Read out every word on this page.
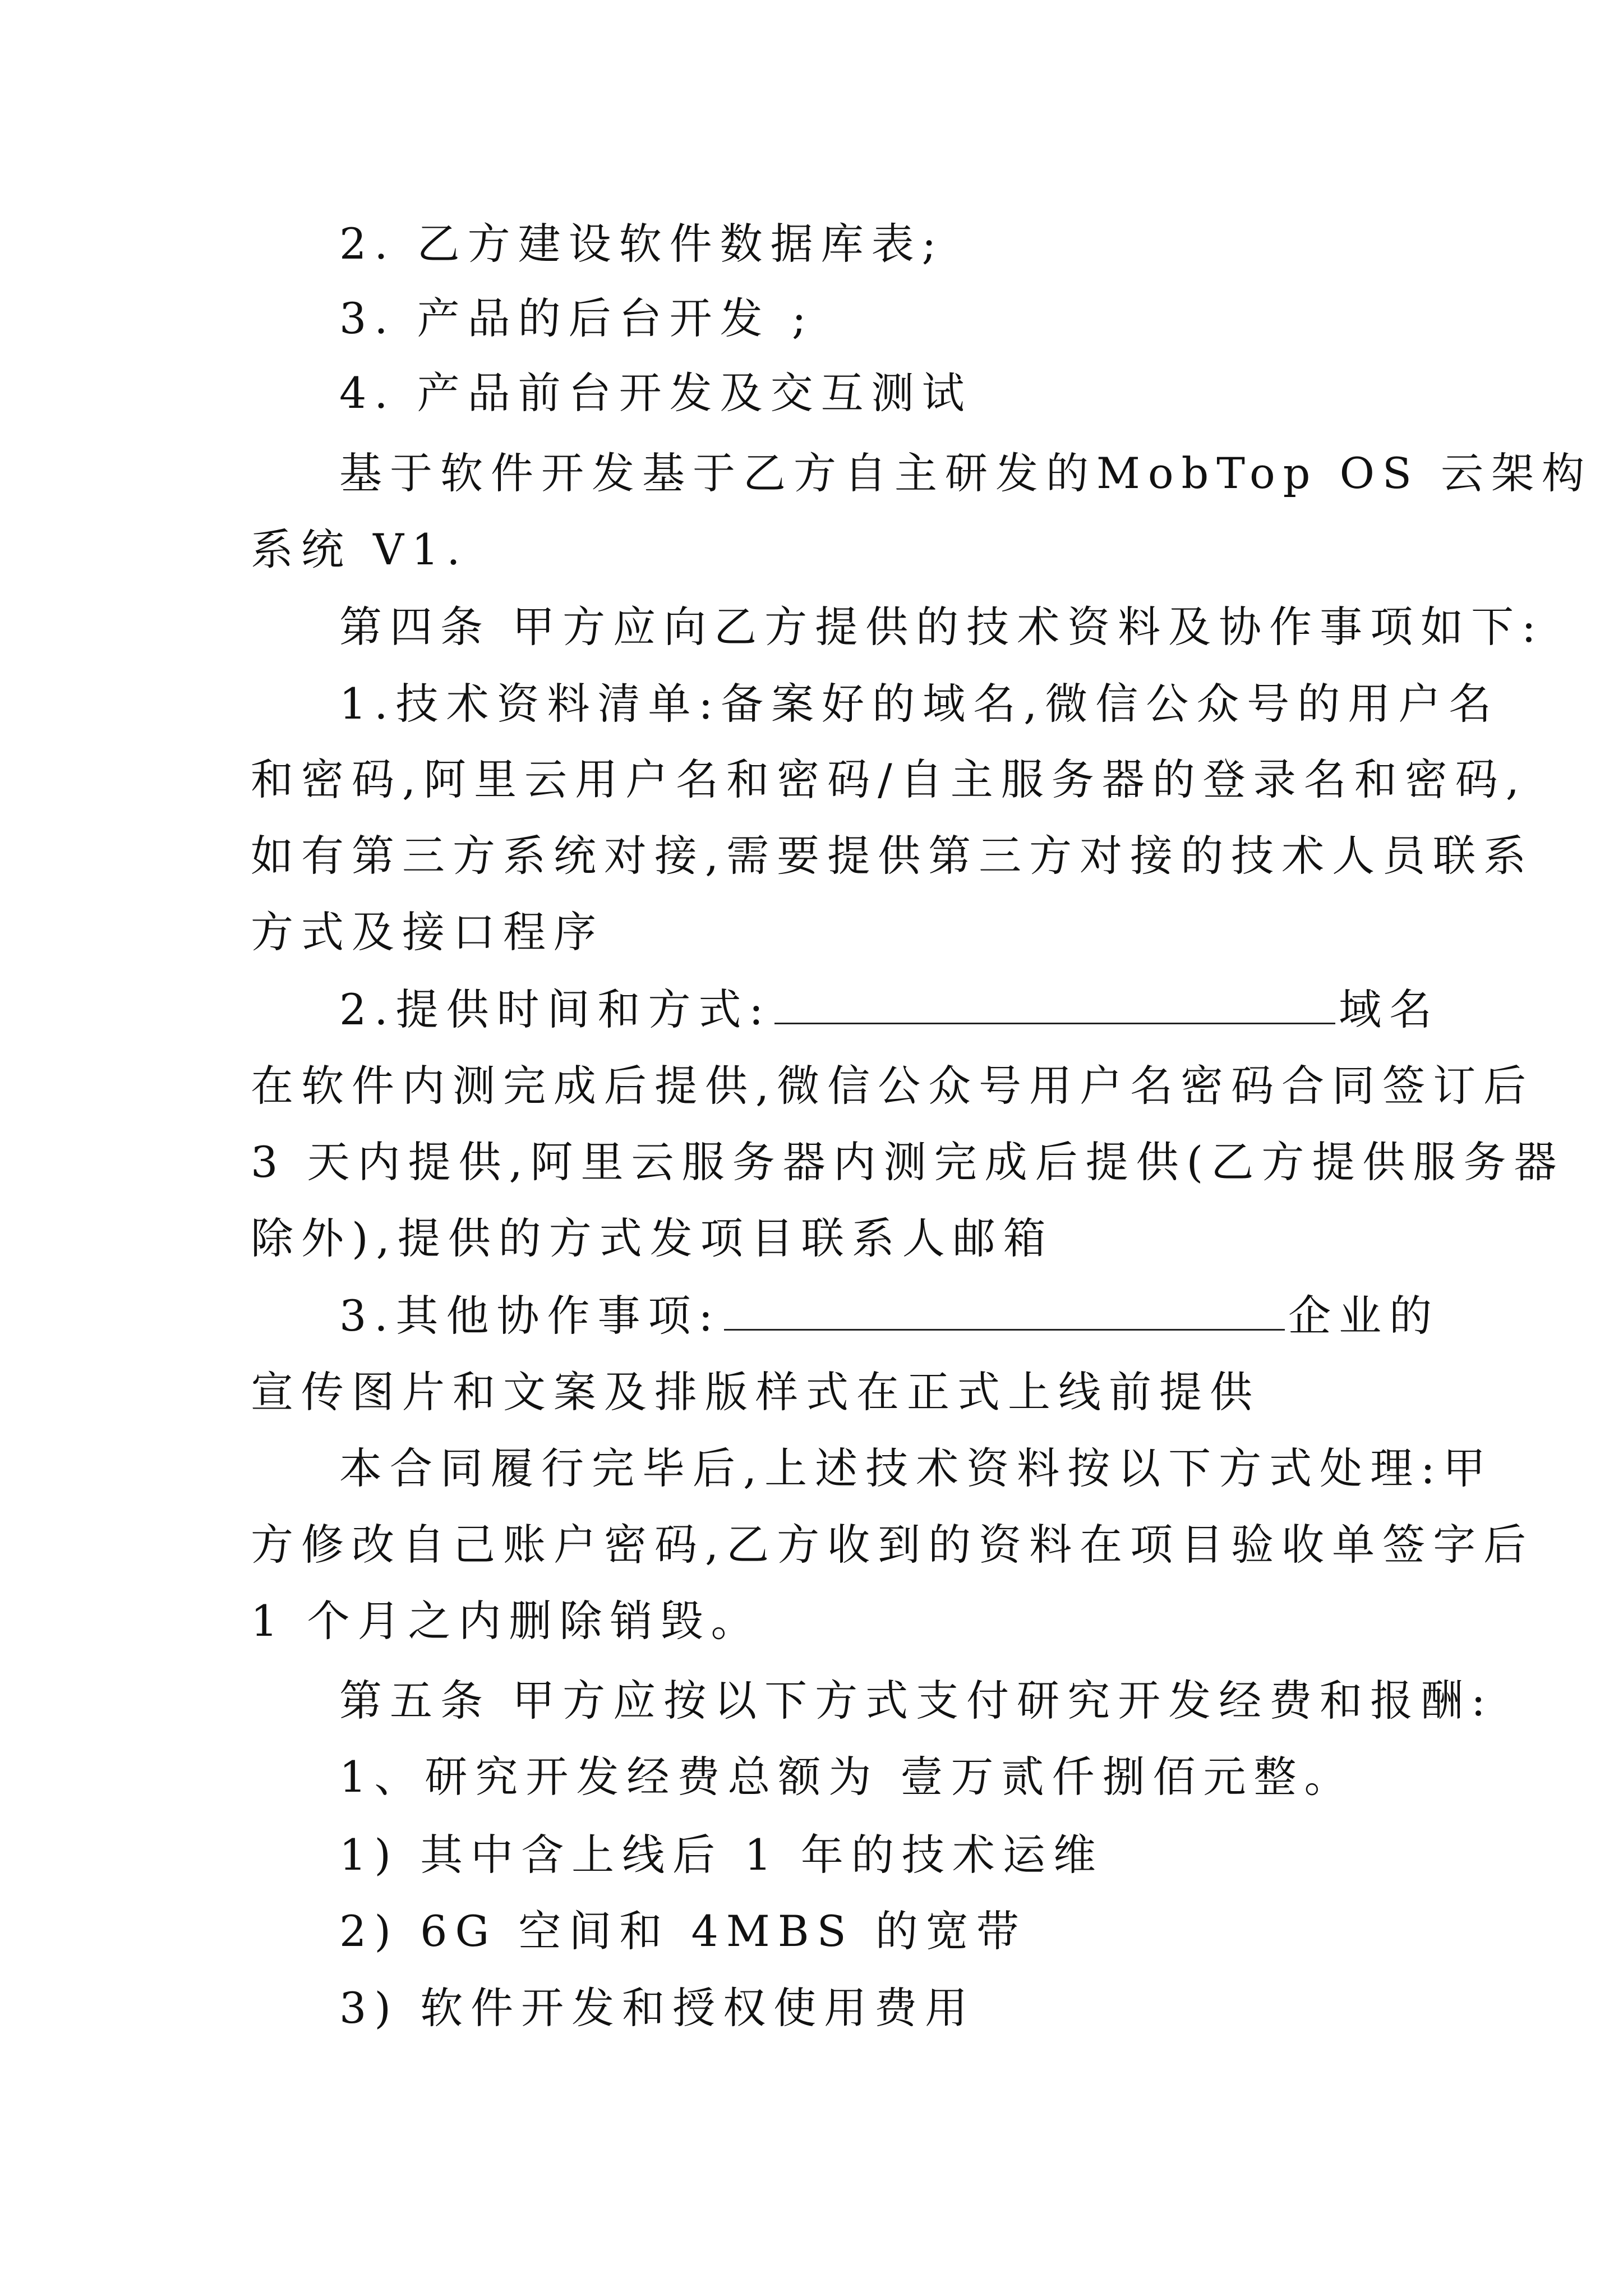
2. 乙方建设软件数据库表;
3. 产品的后台开发 ;
4. 产品前台开发及交互测试
基于软件开发基于乙方自主研发的MobTop OS 云架构
系统 V1.
第四条 甲方应向乙方提供的技术资料及协作事项如下:
1.技术资料清单:备案好的域名,微信公众号的用户名
和密码,阿里云用户名和密码/自主服务器的登录名和密码,
如有第三方系统对接,需要提供第三方对接的技术人员联系
方式及接口程序
2.提供时间和方式:	域名
在软件内测完成后提供,微信公众号用户名密码合同签订后
3 天内提供,阿里云服务器内测完成后提供(乙方提供服务器
除外),提供的方式发项目联系人邮箱
3.其他协作事项:	企业的
宣传图片和文案及排版样式在正式上线前提供
本合同履行完毕后,上述技术资料按以下方式处理:甲
方修改自己账户密码,乙方收到的资料在项目验收单签字后
1 个月之内删除销毁。
第五条 甲方应按以下方式支付研究开发经费和报酬:
1、研究开发经费总额为 壹万贰仟捌佰元整。
1) 其中含上线后 1 年的技术运维
2) 6G 空间和 4MBS 的宽带
3) 软件开发和授权使用费用
